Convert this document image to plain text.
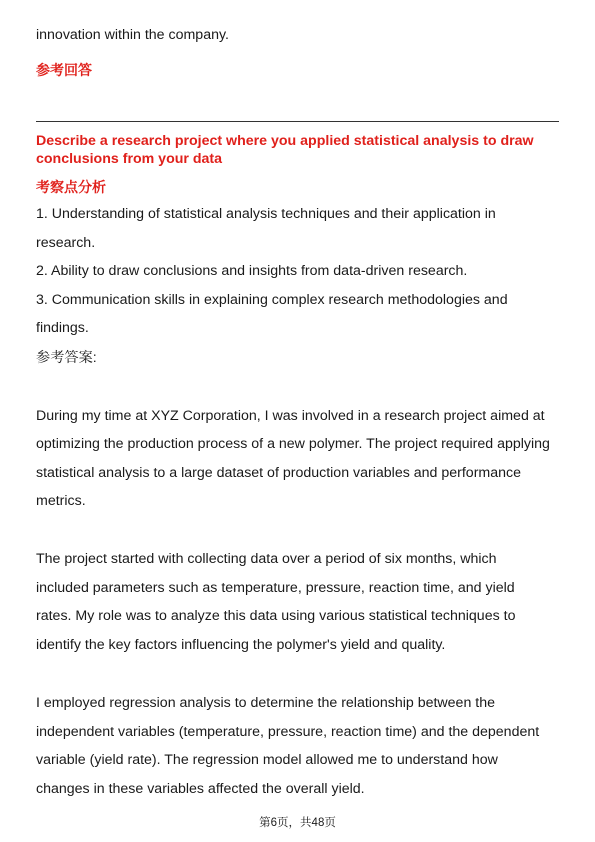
innovation within the company.
参考回答
Describe a research project where you applied statistical analysis to draw
conclusions from your data
考察点分析
1. Understanding of statistical analysis techniques and their application in
research.
2. Ability to draw conclusions and insights from data-driven research.
3. Communication skills in explaining complex research methodologies and
findings.
参考答案:
During my time at XYZ Corporation, I was involved in a research project aimed at
optimizing the production process of a new polymer. The project required applying
statistical analysis to a large dataset of production variables and performance
metrics.
The project started with collecting data over a period of six months, which
included parameters such as temperature, pressure, reaction time, and yield
rates. My role was to analyze this data using various statistical techniques to
identify the key factors influencing the polymer's yield and quality.
I employed regression analysis to determine the relationship between the
independent variables (temperature, pressure, reaction time) and the dependent
variable (yield rate). The regression model allowed me to understand how
changes in these variables affected the overall yield.
第6页，共48页
